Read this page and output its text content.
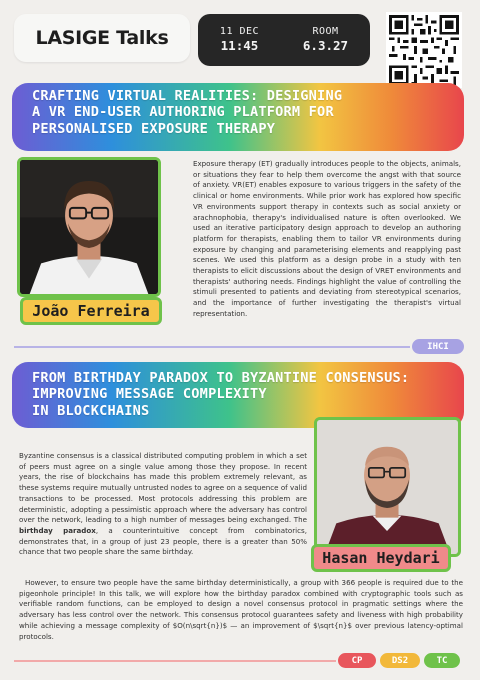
LASIGE Talks	11 DEC
11:45
ROOM
6.3.27
CRAFTING VIRTUAL REALITIES: DESIGNING
A VR END-USER AUTHORING PLATFORM FOR
PERSONALISED EXPOSURE THERAPY
João Ferreira
Exposure therapy (ET) gradually introduces people to the objects, animals, or situations they fear to help them overcome the angst with that source of anxiety. VR(ET) enables exposure to various triggers in the safety of the clinical or home environments. While prior work has explored how specific VR environments support therapy in contexts such as social anxiety or arachnophobia, therapy's individualised nature is often overlooked. We used an iterative participatory design approach to develop an authoring platform for therapists, enabling them to tailor VR environments during exposure by changing and parameterising elements and reapplying past scenes. We used this platform as a design probe in a study with ten therapists to elicit discussions about the design of VRET environments and therapists' authoring needs. Findings highlight the value of controlling the stimuli presented to patients and deviating from stereotypical scenarios, and the importance of further investigating the therapist's virtual representation.
IHCI
FROM BIRTHDAY PARADOX TO BYZANTINE CONSENSUS:
IMPROVING MESSAGE COMPLEXITY
IN BLOCKCHAINS
Byzantine consensus is a classical distributed computing problem in which a set of peers must agree on a single value among those they propose. In recent years, the rise of blockchains has made this problem extremely relevant, as these systems require mutually untrusted nodes to agree on a sequence of valid transactions to be processed. Most protocols addressing this problem are deterministic, adopting a pessimistic approach where the adversary has control over the network, leading to a high number of messages being exchanged. The birthday paradox, a counterintuitive concept from combinatorics, demonstrates that, in a group of just 23 people, there is a greater than 50% chance that two people share the same birthday.	Hasan Heydari
However, to ensure two people have the same birthday deterministically, a group with 366 people is required due to the pigeonhole principle! In this talk, we will explore how the birthday paradox combined with cryptographic tools such as verifiable random functions, can be employed to design a novel consensus protocol in pragmatic settings where the adversary has less control over the network. This consensus protocol guarantees safety and liveness with high probability while achieving a message complexity of $O(n\sqrt{n})$ — an improvement of $\sqrt{n}$ over previous latency-optimal protocols.
CP	DS2	TC
